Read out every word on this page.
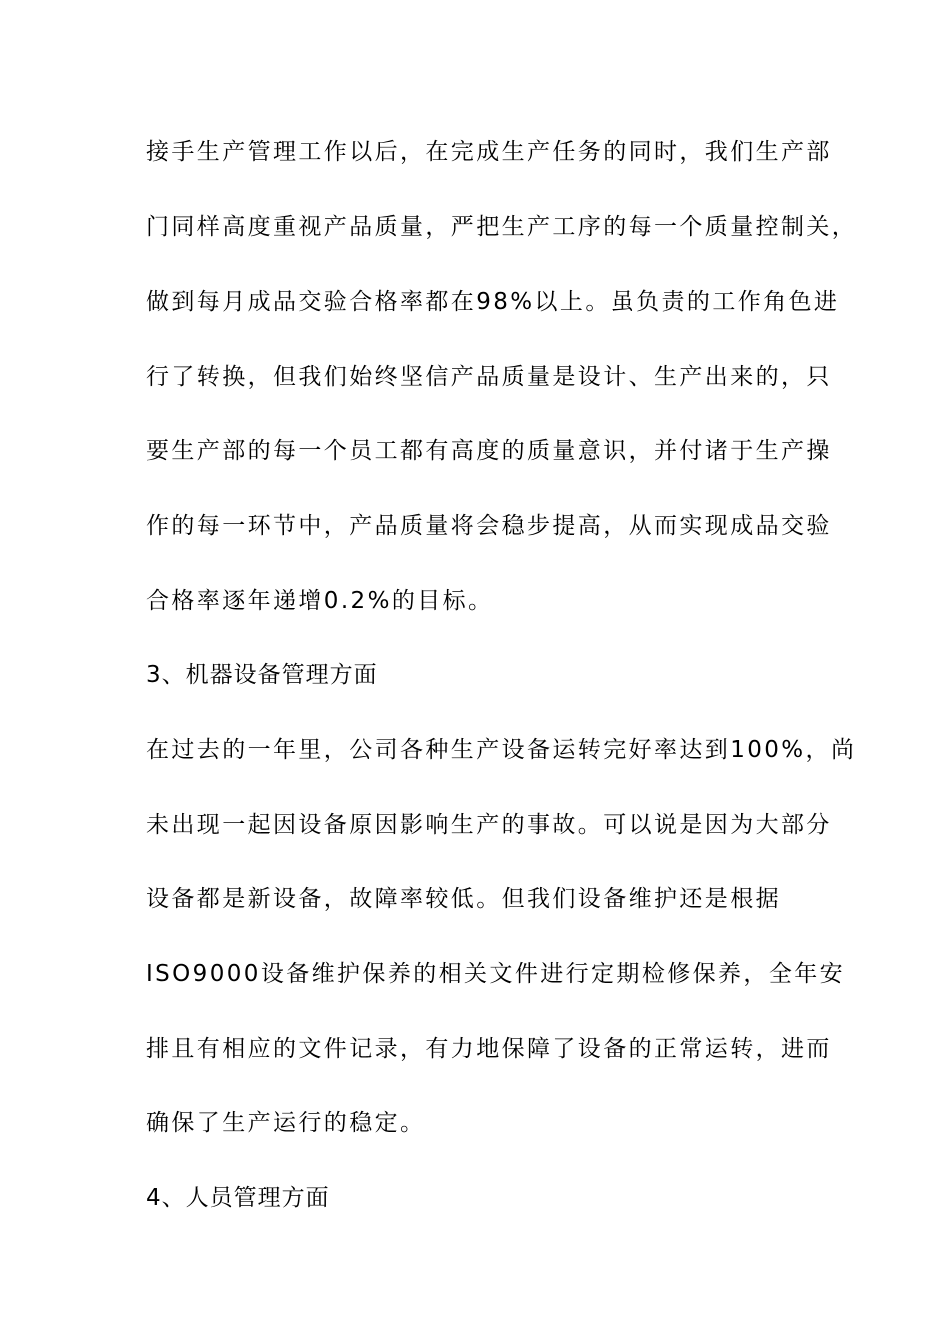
接手生产管理工作以后，在完成生产任务的同时，我们生产部
门同样高度重视产品质量，严把生产工序的每一个质量控制关，
做到每月成品交验合格率都在98%以上。虽负责的工作角色进
行了转换，但我们始终坚信产品质量是设计、生产出来的，只
要生产部的每一个员工都有高度的质量意识，并付诸于生产操
作的每一环节中，产品质量将会稳步提高，从而实现成品交验
合格率逐年递增0.2%的目标。
3、机器设备管理方面
在过去的一年里，公司各种生产设备运转完好率达到100%，尚
未出现一起因设备原因影响生产的事故。可以说是因为大部分
设备都是新设备，故障率较低。但我们设备维护还是根据
ISO9000设备维护保养的相关文件进行定期检修保养，全年安
排且有相应的文件记录，有力地保障了设备的正常运转，进而
确保了生产运行的稳定。
4、人员管理方面
